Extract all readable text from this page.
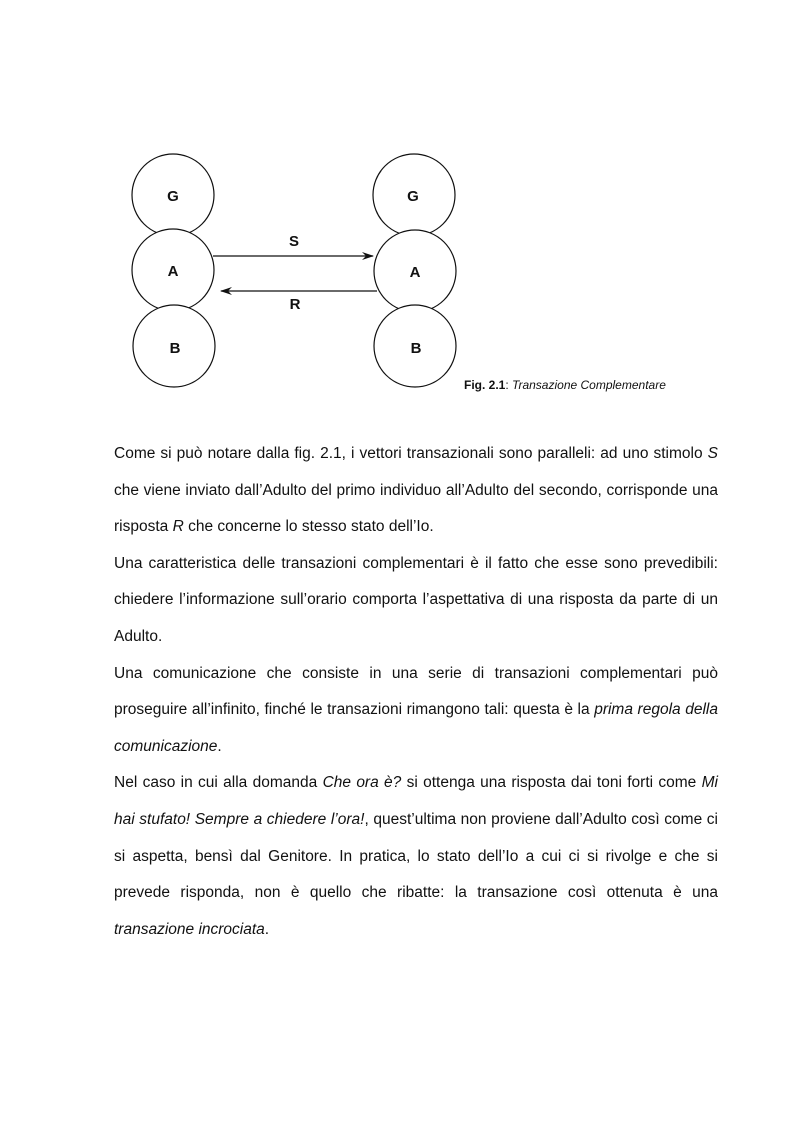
G
A
B
G
A
B
S
R
Fig. 2.1: Transazione Complementare

Come si può notare dalla fig. 2.1, i vettori transazionali sono paralleli: ad uno stimolo S che viene inviato dall’Adulto del primo individuo all’Adulto del secondo, corrisponde una risposta R che concerne lo stesso stato dell’Io.

Una caratteristica delle transazioni complementari è il fatto che esse sono prevedibili: chiedere l’informazione sull’orario comporta l’aspettativa di una risposta da parte di un Adulto.

Una comunicazione che consiste in una serie di transazioni complementari può proseguire all’infinito, finché le transazioni rimangono tali: questa è la prima regola della comunicazione.

Nel caso in cui alla domanda Che ora è? si ottenga una risposta dai toni forti come Mi hai stufato! Sempre a chiedere l’ora!, quest’ultima non proviene dall’Adulto così come ci si aspetta, bensì dal Genitore. In pratica, lo stato dell’Io a cui ci si rivolge e che si prevede risponda, non è quello che ribatte: la transazione così ottenuta è una transazione incrociata.
